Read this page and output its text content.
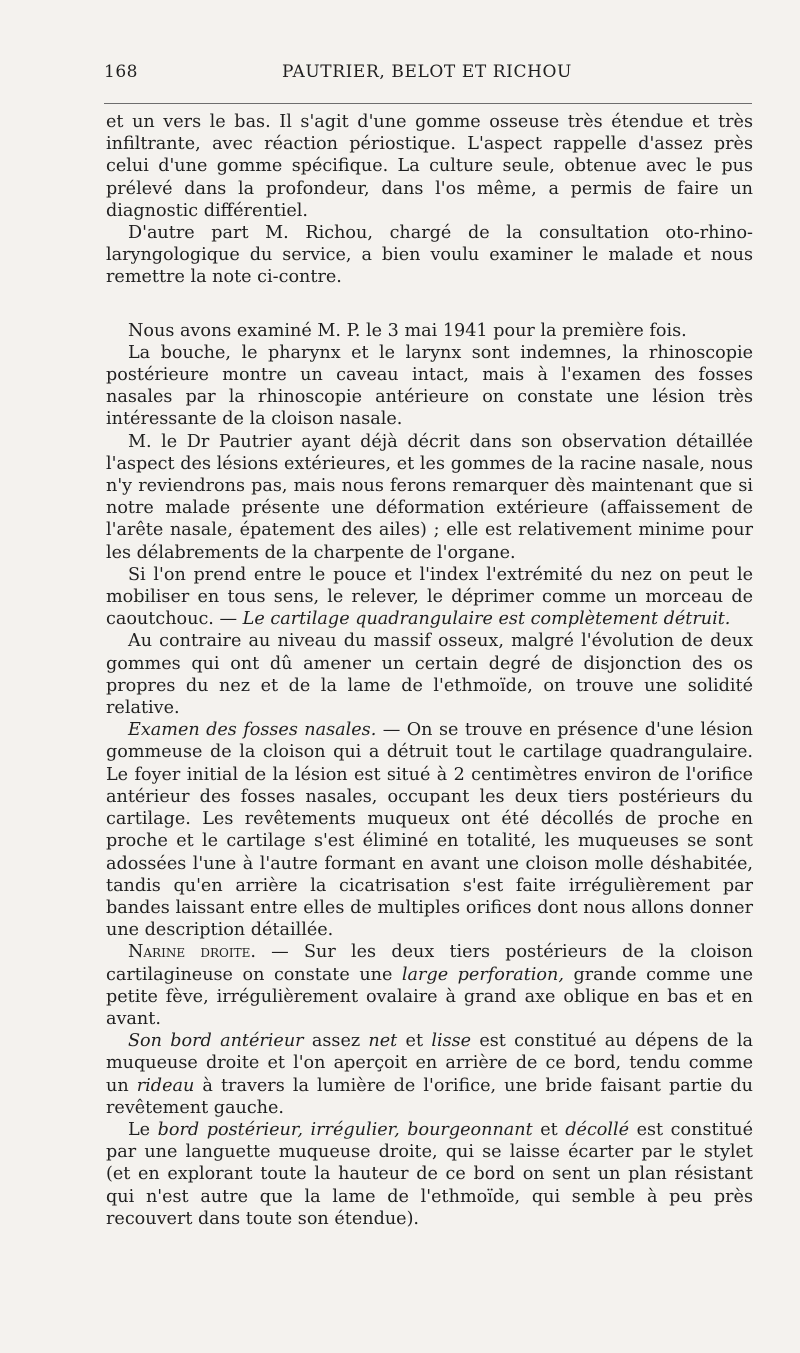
168	PAUTRIER, BELOT ET RICHOU

et un vers le bas. Il s'agit d'une gomme osseuse très étendue et très infiltrante, avec réaction périostique. L'aspect rappelle d'assez près celui d'une gomme spécifique. La culture seule, obtenue avec le pus prélevé dans la profondeur, dans l'os même, a permis de faire un diagnostic différentiel.

D'autre part M. Richou, chargé de la consultation oto-rhino-laryngologique du service, a bien voulu examiner le malade et nous remettre la note ci-contre.

Nous avons examiné M. P. le 3 mai 1941 pour la première fois.

La bouche, le pharynx et le larynx sont indemnes, la rhinoscopie postérieure montre un caveau intact, mais à l'examen des fosses nasales par la rhinoscopie antérieure on constate une lésion très intéressante de la cloison nasale.

M. le Dr Pautrier ayant déjà décrit dans son observation détaillée l'aspect des lésions extérieures, et les gommes de la racine nasale, nous n'y reviendrons pas, mais nous ferons remarquer dès maintenant que si notre malade présente une déformation extérieure (affaissement de l'arête nasale, épatement des ailes) ; elle est relativement minime pour les délabrements de la charpente de l'organe.

Si l'on prend entre le pouce et l'index l'extrémité du nez on peut le mobiliser en tous sens, le relever, le déprimer comme un morceau de caoutchouc. — Le cartilage quadrangulaire est complètement détruit.

Au contraire au niveau du massif osseux, malgré l'évolution de deux gommes qui ont dû amener un certain degré de disjonction des os propres du nez et de la lame de l'ethmoïde, on trouve une solidité relative.

Examen des fosses nasales. — On se trouve en présence d'une lésion gommeuse de la cloison qui a détruit tout le cartilage quadrangulaire. Le foyer initial de la lésion est situé à 2 centimètres environ de l'orifice antérieur des fosses nasales, occupant les deux tiers postérieurs du cartilage. Les revêtements muqueux ont été décollés de proche en proche et le cartilage s'est éliminé en totalité, les muqueuses se sont adossées l'une à l'autre formant en avant une cloison molle déshabitée, tandis qu'en arrière la cicatrisation s'est faite irrégulièrement par bandes laissant entre elles de multiples orifices dont nous allons donner une description détaillée.

Narine droite. — Sur les deux tiers postérieurs de la cloison cartilagineuse on constate une large perforation, grande comme une petite fève, irrégulièrement ovalaire à grand axe oblique en bas et en avant.

Son bord antérieur assez net et lisse est constitué au dépens de la muqueuse droite et l'on aperçoit en arrière de ce bord, tendu comme un rideau à travers la lumière de l'orifice, une bride faisant partie du revêtement gauche.

Le bord postérieur, irrégulier, bourgeonnant et décollé est constitué par une languette muqueuse droite, qui se laisse écarter par le stylet (et en explorant toute la hauteur de ce bord on sent un plan résistant qui n'est autre que la lame de l'ethmoïde, qui semble à peu près recouvert dans toute son étendue).
